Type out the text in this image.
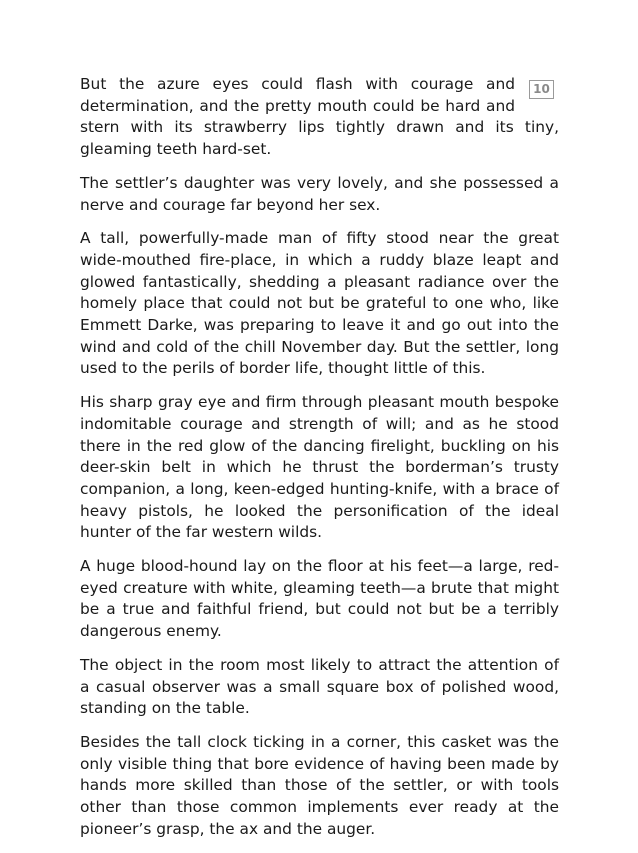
10

But the azure eyes could flash with courage and determination, and the pretty mouth could be hard and stern with its strawberry lips tightly drawn and its tiny, gleaming teeth hard-set.

The settler’s daughter was very lovely, and she possessed a nerve and courage far beyond her sex.

A tall, powerfully-made man of fifty stood near the great wide-mouthed fire-place, in which a ruddy blaze leapt and glowed fantastically, shedding a pleasant radiance over the homely place that could not but be grateful to one who, like Emmett Darke, was preparing to leave it and go out into the wind and cold of the chill November day. But the settler, long used to the perils of border life, thought little of this.

His sharp gray eye and firm through pleasant mouth bespoke indomitable courage and strength of will; and as he stood there in the red glow of the dancing firelight, buckling on his deer-skin belt in which he thrust the borderman’s trusty companion, a long, keen-edged hunting-knife, with a brace of heavy pistols, he looked the personification of the ideal hunter of the far western wilds.

A huge blood-hound lay on the floor at his feet—a large, red-eyed creature with white, gleaming teeth—a brute that might be a true and faithful friend, but could not but be a terribly dangerous enemy.

The object in the room most likely to attract the attention of a casual observer was a small square box of polished wood, standing on the table.

Besides the tall clock ticking in a corner, this casket was the only visible thing that bore evidence of having been made by hands more skilled than those of the settler, or with tools other than those common implements ever ready at the pioneer’s grasp, the ax and the auger.
